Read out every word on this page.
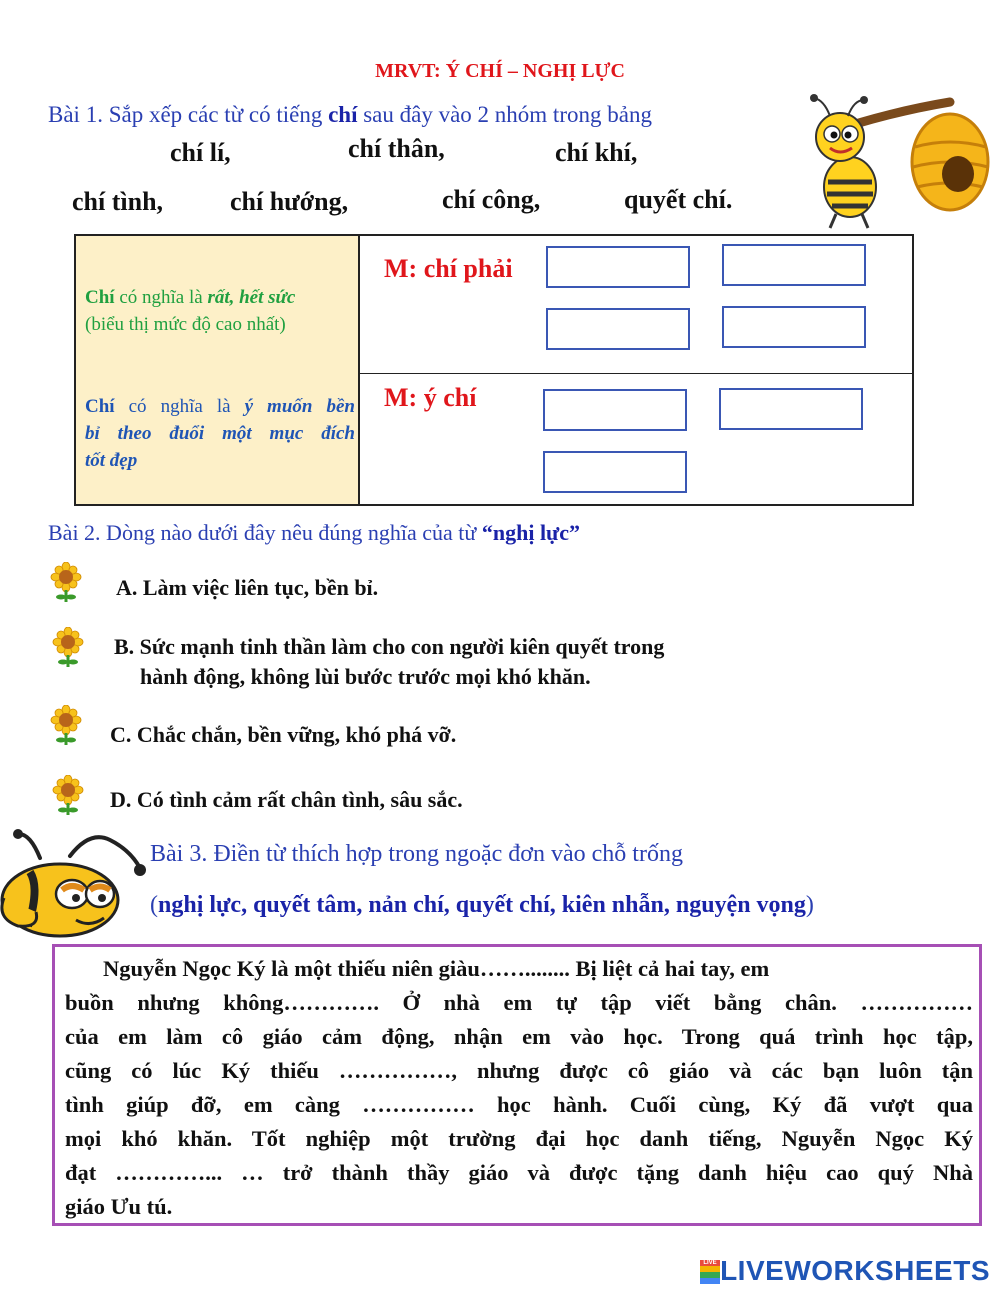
MRVT: Ý CHÍ – NGHỊ LỰC
Bài 1. Sắp xếp các từ có tiếng chí sau đây vào 2 nhóm trong bảng
chí lí,	chí thân,	chí khí,
chí tình,	chí hướng,	chí công,	quyết chí.
Chí có nghĩa là rất, hết sức
(biểu thị mức độ cao nhất)
M: chí phải
Chí có nghĩa là ý muốn bền
bỉ theo đuổi một mục đích
tốt đẹp
M: ý chí
Bài 2. Dòng nào dưới đây nêu đúng nghĩa của từ “nghị lực”
A. Làm việc liên tục, bền bỉ.
B. Sức mạnh tinh thần làm cho con người kiên quyết trong
hành động, không lùi bước trước mọi khó khăn.
C. Chắc chắn, bền vững, khó phá vỡ.
D. Có tình cảm rất chân tình, sâu sắc.
Bài 3. Điền từ thích hợp trong ngoặc đơn vào chỗ trống
(nghị lực, quyết tâm, nản chí, quyết chí, kiên nhẫn, nguyện vọng)
Nguyễn Ngọc Ký là một thiếu niên giàu……........ Bị liệt cả hai tay, em
buồn nhưng không…………. Ở nhà em tự tập viết bằng chân. ……………
của em làm cô giáo cảm động, nhận em vào học. Trong quá trình học tập,
cũng có lúc Ký thiếu ……………, nhưng được cô giáo và các bạn luôn tận
tình giúp đỡ, em càng …………… học hành. Cuối cùng, Ký đã vượt qua
mọi khó khăn. Tốt nghiệp một trường đại học danh tiếng, Nguyễn Ngọc Ký
đạt …………... … trở thành thầy giáo và được tặng danh hiệu cao quý Nhà
giáo Ưu tú.
LIVE LIVEWORKSHEETS
